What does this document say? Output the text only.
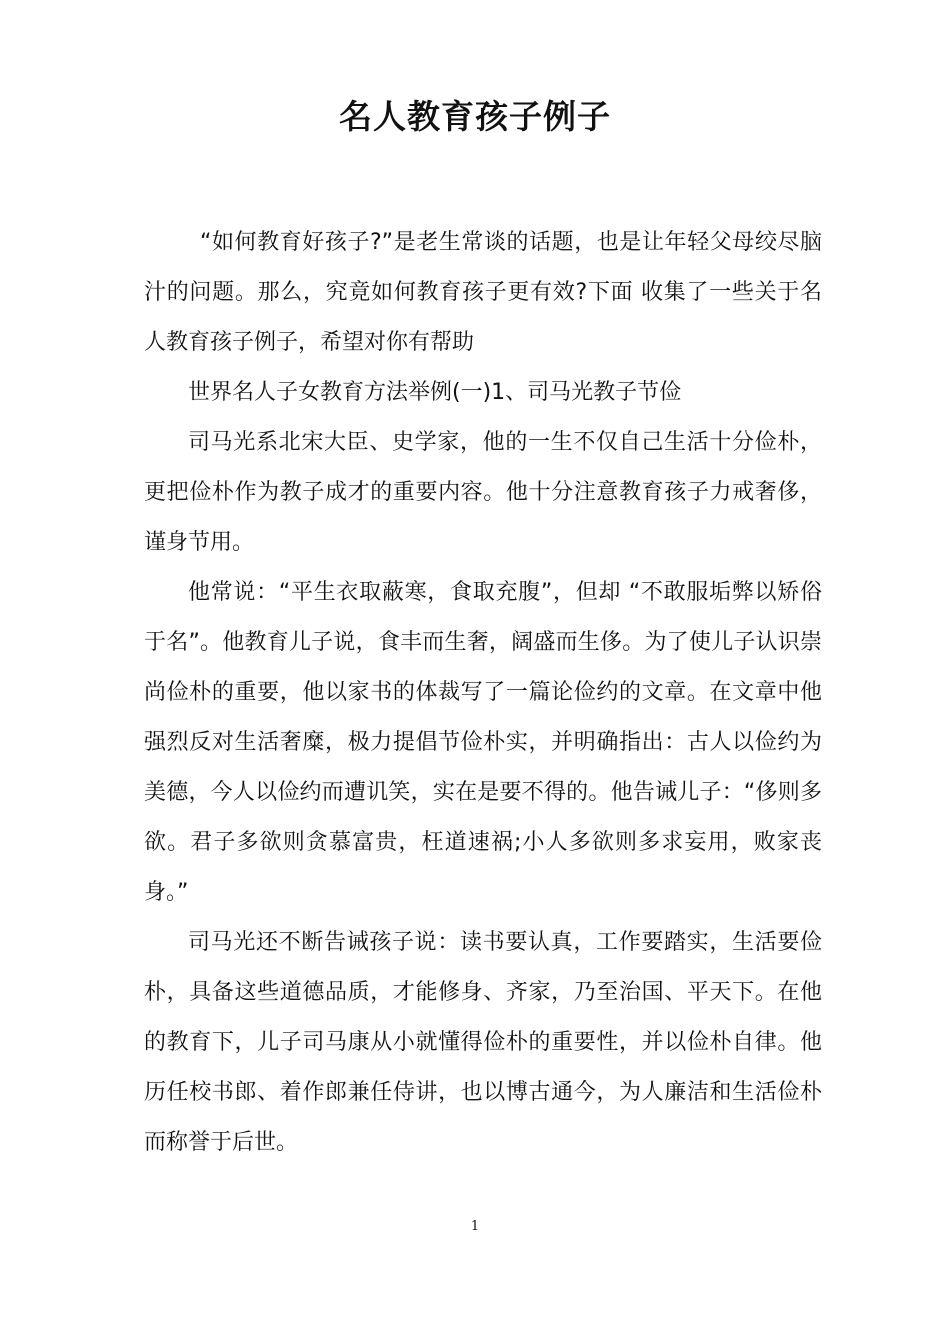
名人教育孩子例子

“如何教育好孩子?”是老生常谈的话题，也是让年轻父母绞尽脑汁的问题。那么，究竟如何教育孩子更有效?下面 收集了一些关于名人教育孩子例子，希望对你有帮助

世界名人子女教育方法举例(一)1、司马光教子节俭

司马光系北宋大臣、史学家，他的一生不仅自己生活十分俭朴，更把俭朴作为教子成才的重要内容。他十分注意教育孩子力戒奢侈，谨身节用。

他常说：“平生衣取蔽寒，食取充腹”，但却 “不敢服垢弊以矫俗于名”。他教育儿子说，食丰而生奢，阔盛而生侈。为了使儿子认识崇尚俭朴的重要，他以家书的体裁写了一篇论俭约的文章。在文章中他强烈反对生活奢糜，极力提倡节俭朴实，并明确指出：古人以俭约为美德，今人以俭约而遭讥笑，实在是要不得的。他告诫儿子：“侈则多欲。君子多欲则贪慕富贵，枉道速祸;小人多欲则多求妄用，败家丧身。”

司马光还不断告诫孩子说：读书要认真，工作要踏实，生活要俭朴，具备这些道德品质，才能修身、齐家，乃至治国、平天下。在他的教育下，儿子司马康从小就懂得俭朴的重要性，并以俭朴自律。他历任校书郎、着作郎兼任侍讲，也以博古通今，为人廉洁和生活俭朴而称誉于后世。

1
